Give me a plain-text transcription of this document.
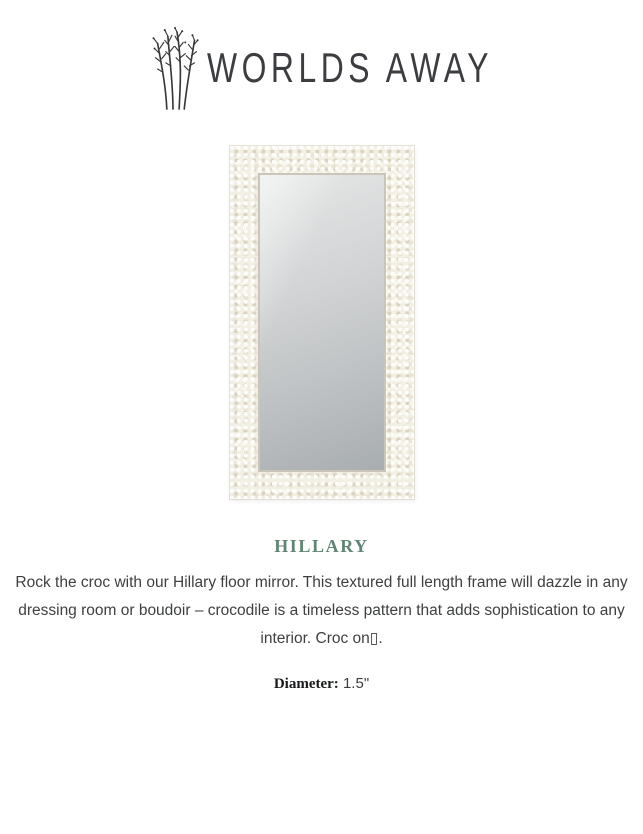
WORLDS AWAY
HILLARY
Rock the croc with our Hillary floor mirror. This textured full length frame will dazzle in any
dressing room or boudoir – crocodile is a timeless pattern that adds sophistication to any
interior. Croc on▯.

Diameter: 1.5"
